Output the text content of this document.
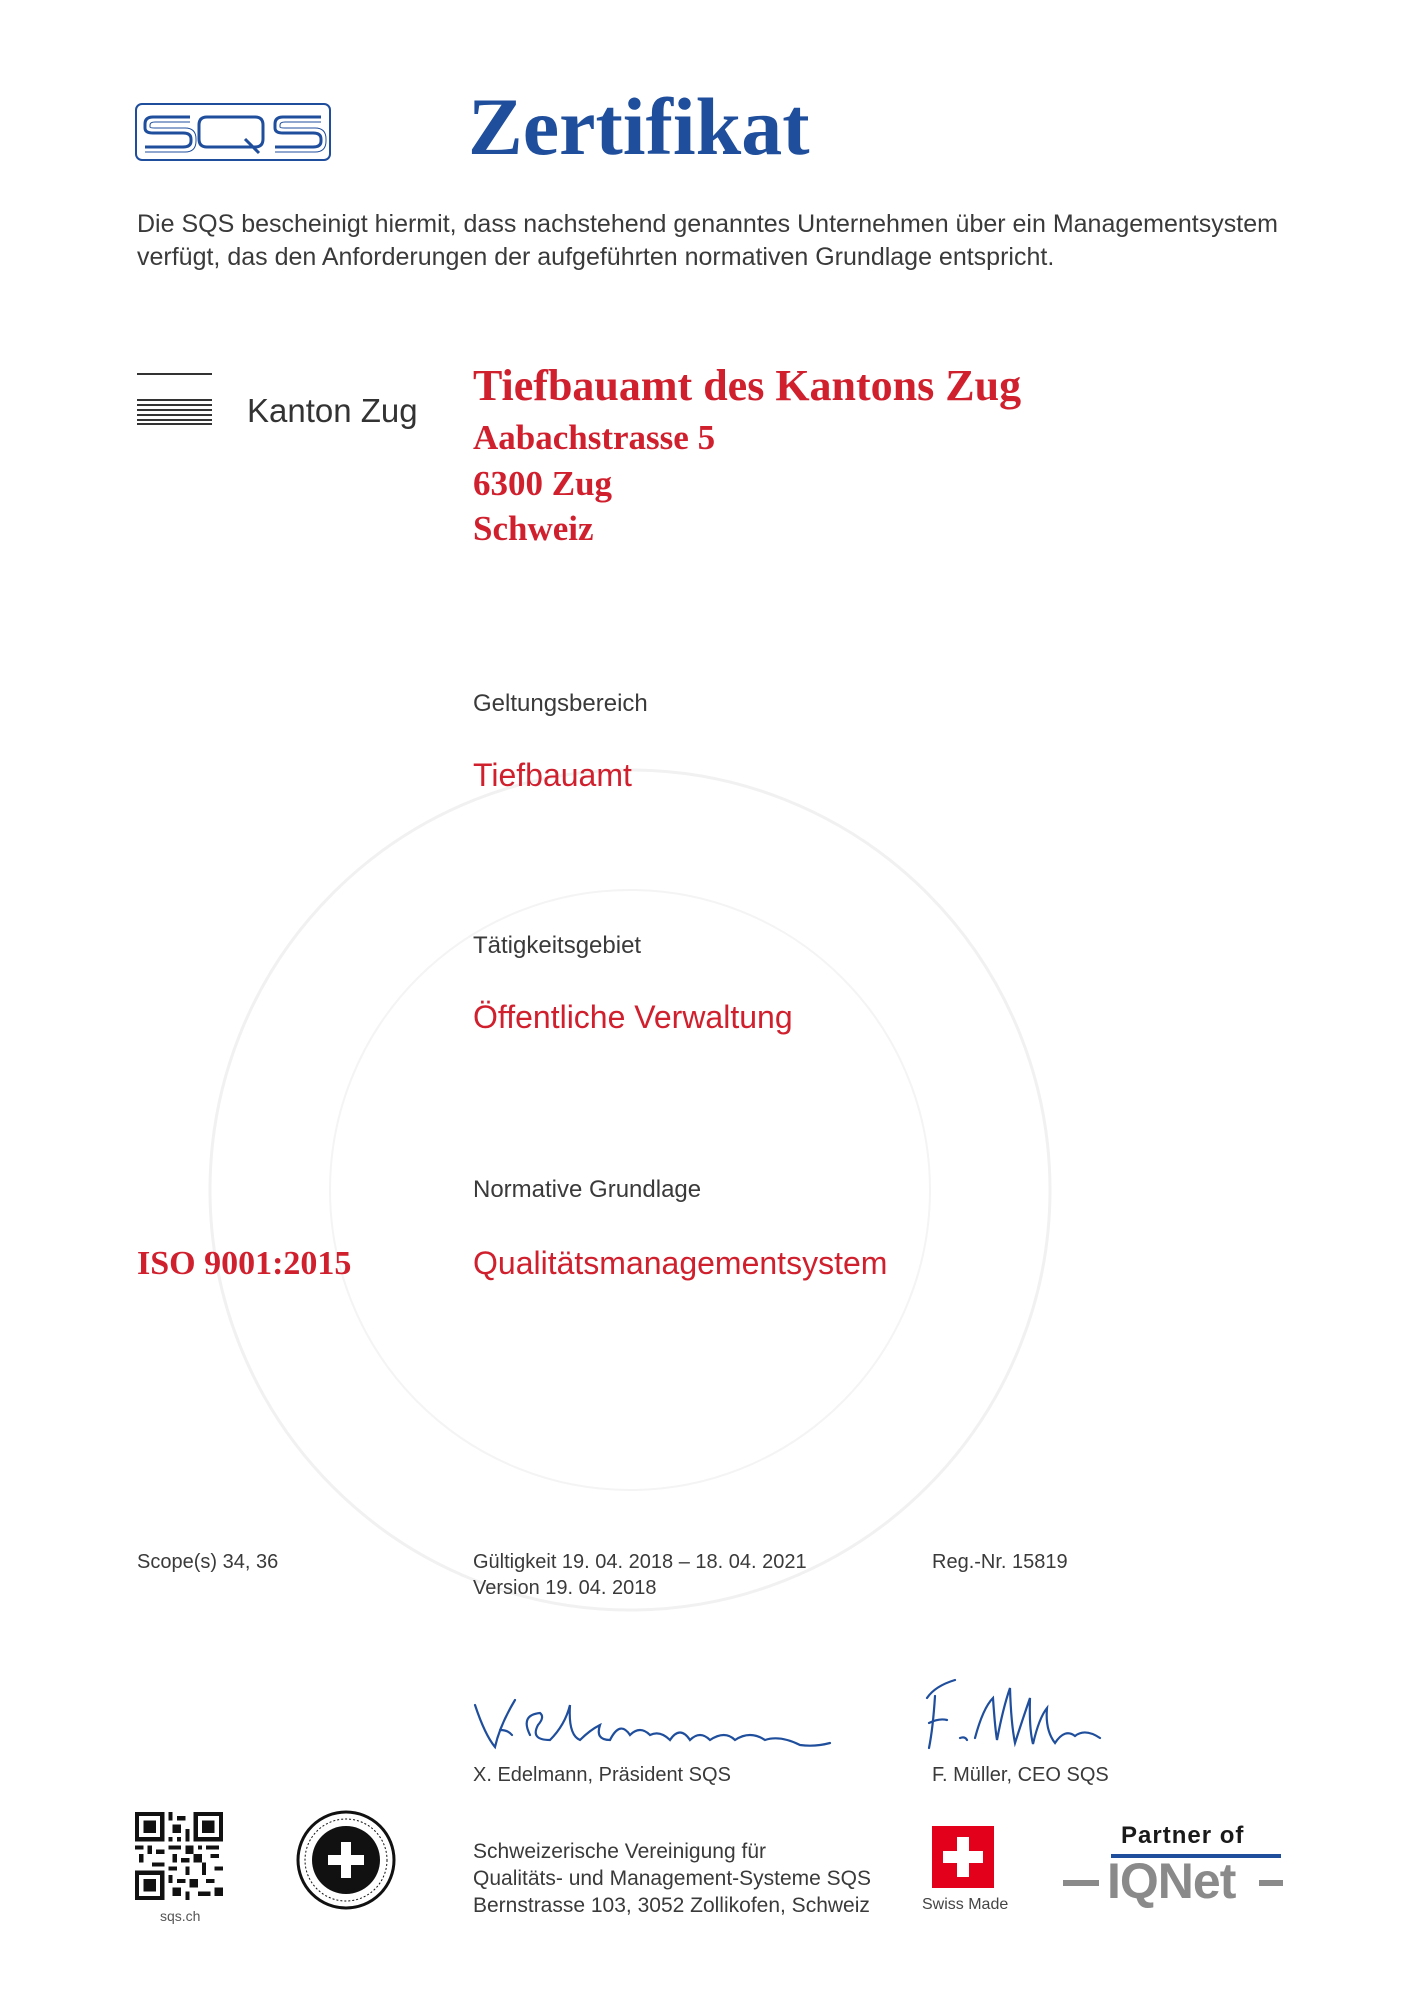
Zertifikat
Die SQS bescheinigt hiermit, dass nachstehend genanntes Unternehmen über ein Managementsystem verfügt, das den Anforderungen der aufgeführten normativen Grundlage entspricht.
Kanton Zug
Tiefbauamt des Kantons Zug
Aabachstrasse 5
6300 Zug
Schweiz
Geltungsbereich
Tiefbauamt
Tätigkeitsgebiet
Öffentliche Verwaltung
Normative Grundlage
ISO 9001:2015	Qualitätsmanagementsystem
Scope(s) 34, 36	Gültigkeit 19. 04. 2018 – 18. 04. 2021
Version 19. 04. 2018
Reg.-Nr. 15819
X. Edelmann, Präsident SQS	F. Müller, CEO SQS
sqs.ch
Schweizerische Vereinigung für
Qualitäts- und Management-Systeme SQS
Bernstrasse 103, 3052 Zollikofen, Schweiz	Swiss Made
Partner of
IQNet
